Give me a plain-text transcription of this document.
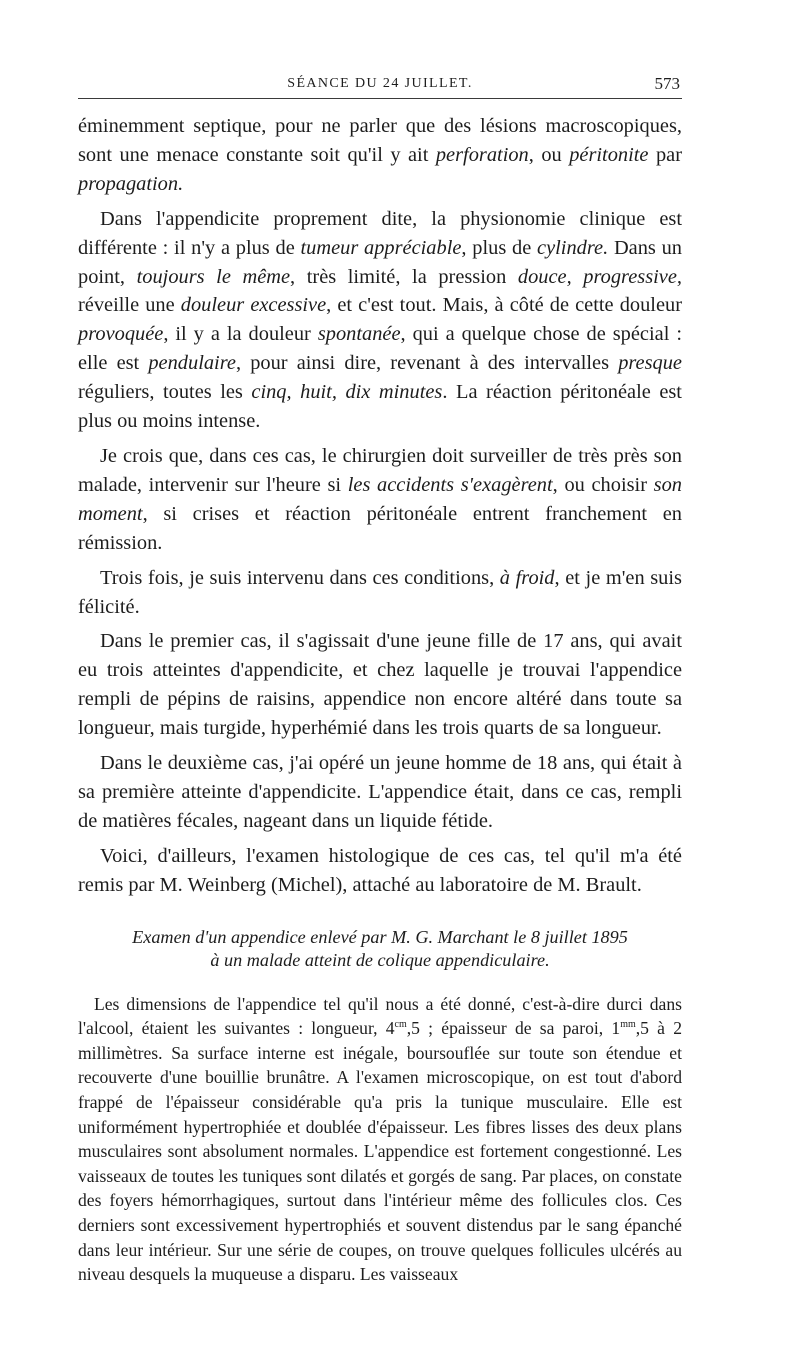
SÉANCE DU 24 JUILLET.	573

éminemment septique, pour ne parler que des lésions macroscopiques, sont une menace constante soit qu'il y ait perforation, ou péritonite par propagation.

Dans l'appendicite proprement dite, la physionomie clinique est différente : il n'y a plus de tumeur appréciable, plus de cylindre. Dans un point, toujours le même, très limité, la pression douce, progressive, réveille une douleur excessive, et c'est tout. Mais, à côté de cette douleur provoquée, il y a la douleur spontanée, qui a quelque chose de spécial : elle est pendulaire, pour ainsi dire, revenant à des intervalles presque réguliers, toutes les cinq, huit, dix minutes. La réaction péritonéale est plus ou moins intense.

Je crois que, dans ces cas, le chirurgien doit surveiller de très près son malade, intervenir sur l'heure si les accidents s'exagèrent, ou choisir son moment, si crises et réaction péritonéale entrent franchement en rémission.

Trois fois, je suis intervenu dans ces conditions, à froid, et je m'en suis félicité.

Dans le premier cas, il s'agissait d'une jeune fille de 17 ans, qui avait eu trois atteintes d'appendicite, et chez laquelle je trouvai l'appendice rempli de pépins de raisins, appendice non encore altéré dans toute sa longueur, mais turgide, hyperhémié dans les trois quarts de sa longueur.

Dans le deuxième cas, j'ai opéré un jeune homme de 18 ans, qui était à sa première atteinte d'appendicite. L'appendice était, dans ce cas, rempli de matières fécales, nageant dans un liquide fétide.

Voici, d'ailleurs, l'examen histologique de ces cas, tel qu'il m'a été remis par M. Weinberg (Michel), attaché au laboratoire de M. Brault.

Examen d'un appendice enlevé par M. G. Marchant le 8 juillet 1895
à un malade atteint de colique appendiculaire.

Les dimensions de l'appendice tel qu'il nous a été donné, c'est-à-dire durci dans l'alcool, étaient les suivantes : longueur, $4^{cm},5$ ; épaisseur de sa paroi, $1^{mm},5$ à 2 millimètres. Sa surface interne est inégale, boursouflée sur toute son étendue et recouverte d'une bouillie brunâtre. A l'examen microscopique, on est tout d'abord frappé de l'épaisseur considérable qu'a pris la tunique musculaire. Elle est uniformément hypertrophiée et doublée d'épaisseur. Les fibres lisses des deux plans musculaires sont absolument normales. L'appendice est fortement congestionné. Les vaisseaux de toutes les tuniques sont dilatés et gorgés de sang. Par places, on constate des foyers hémorrhagiques, surtout dans l'intérieur même des follicules clos. Ces derniers sont excessivement hypertrophiés et souvent distendus par le sang épanché dans leur intérieur. Sur une série de coupes, on trouve quelques follicules ulcérés au niveau desquels la muqueuse a disparu. Les vaisseaux
